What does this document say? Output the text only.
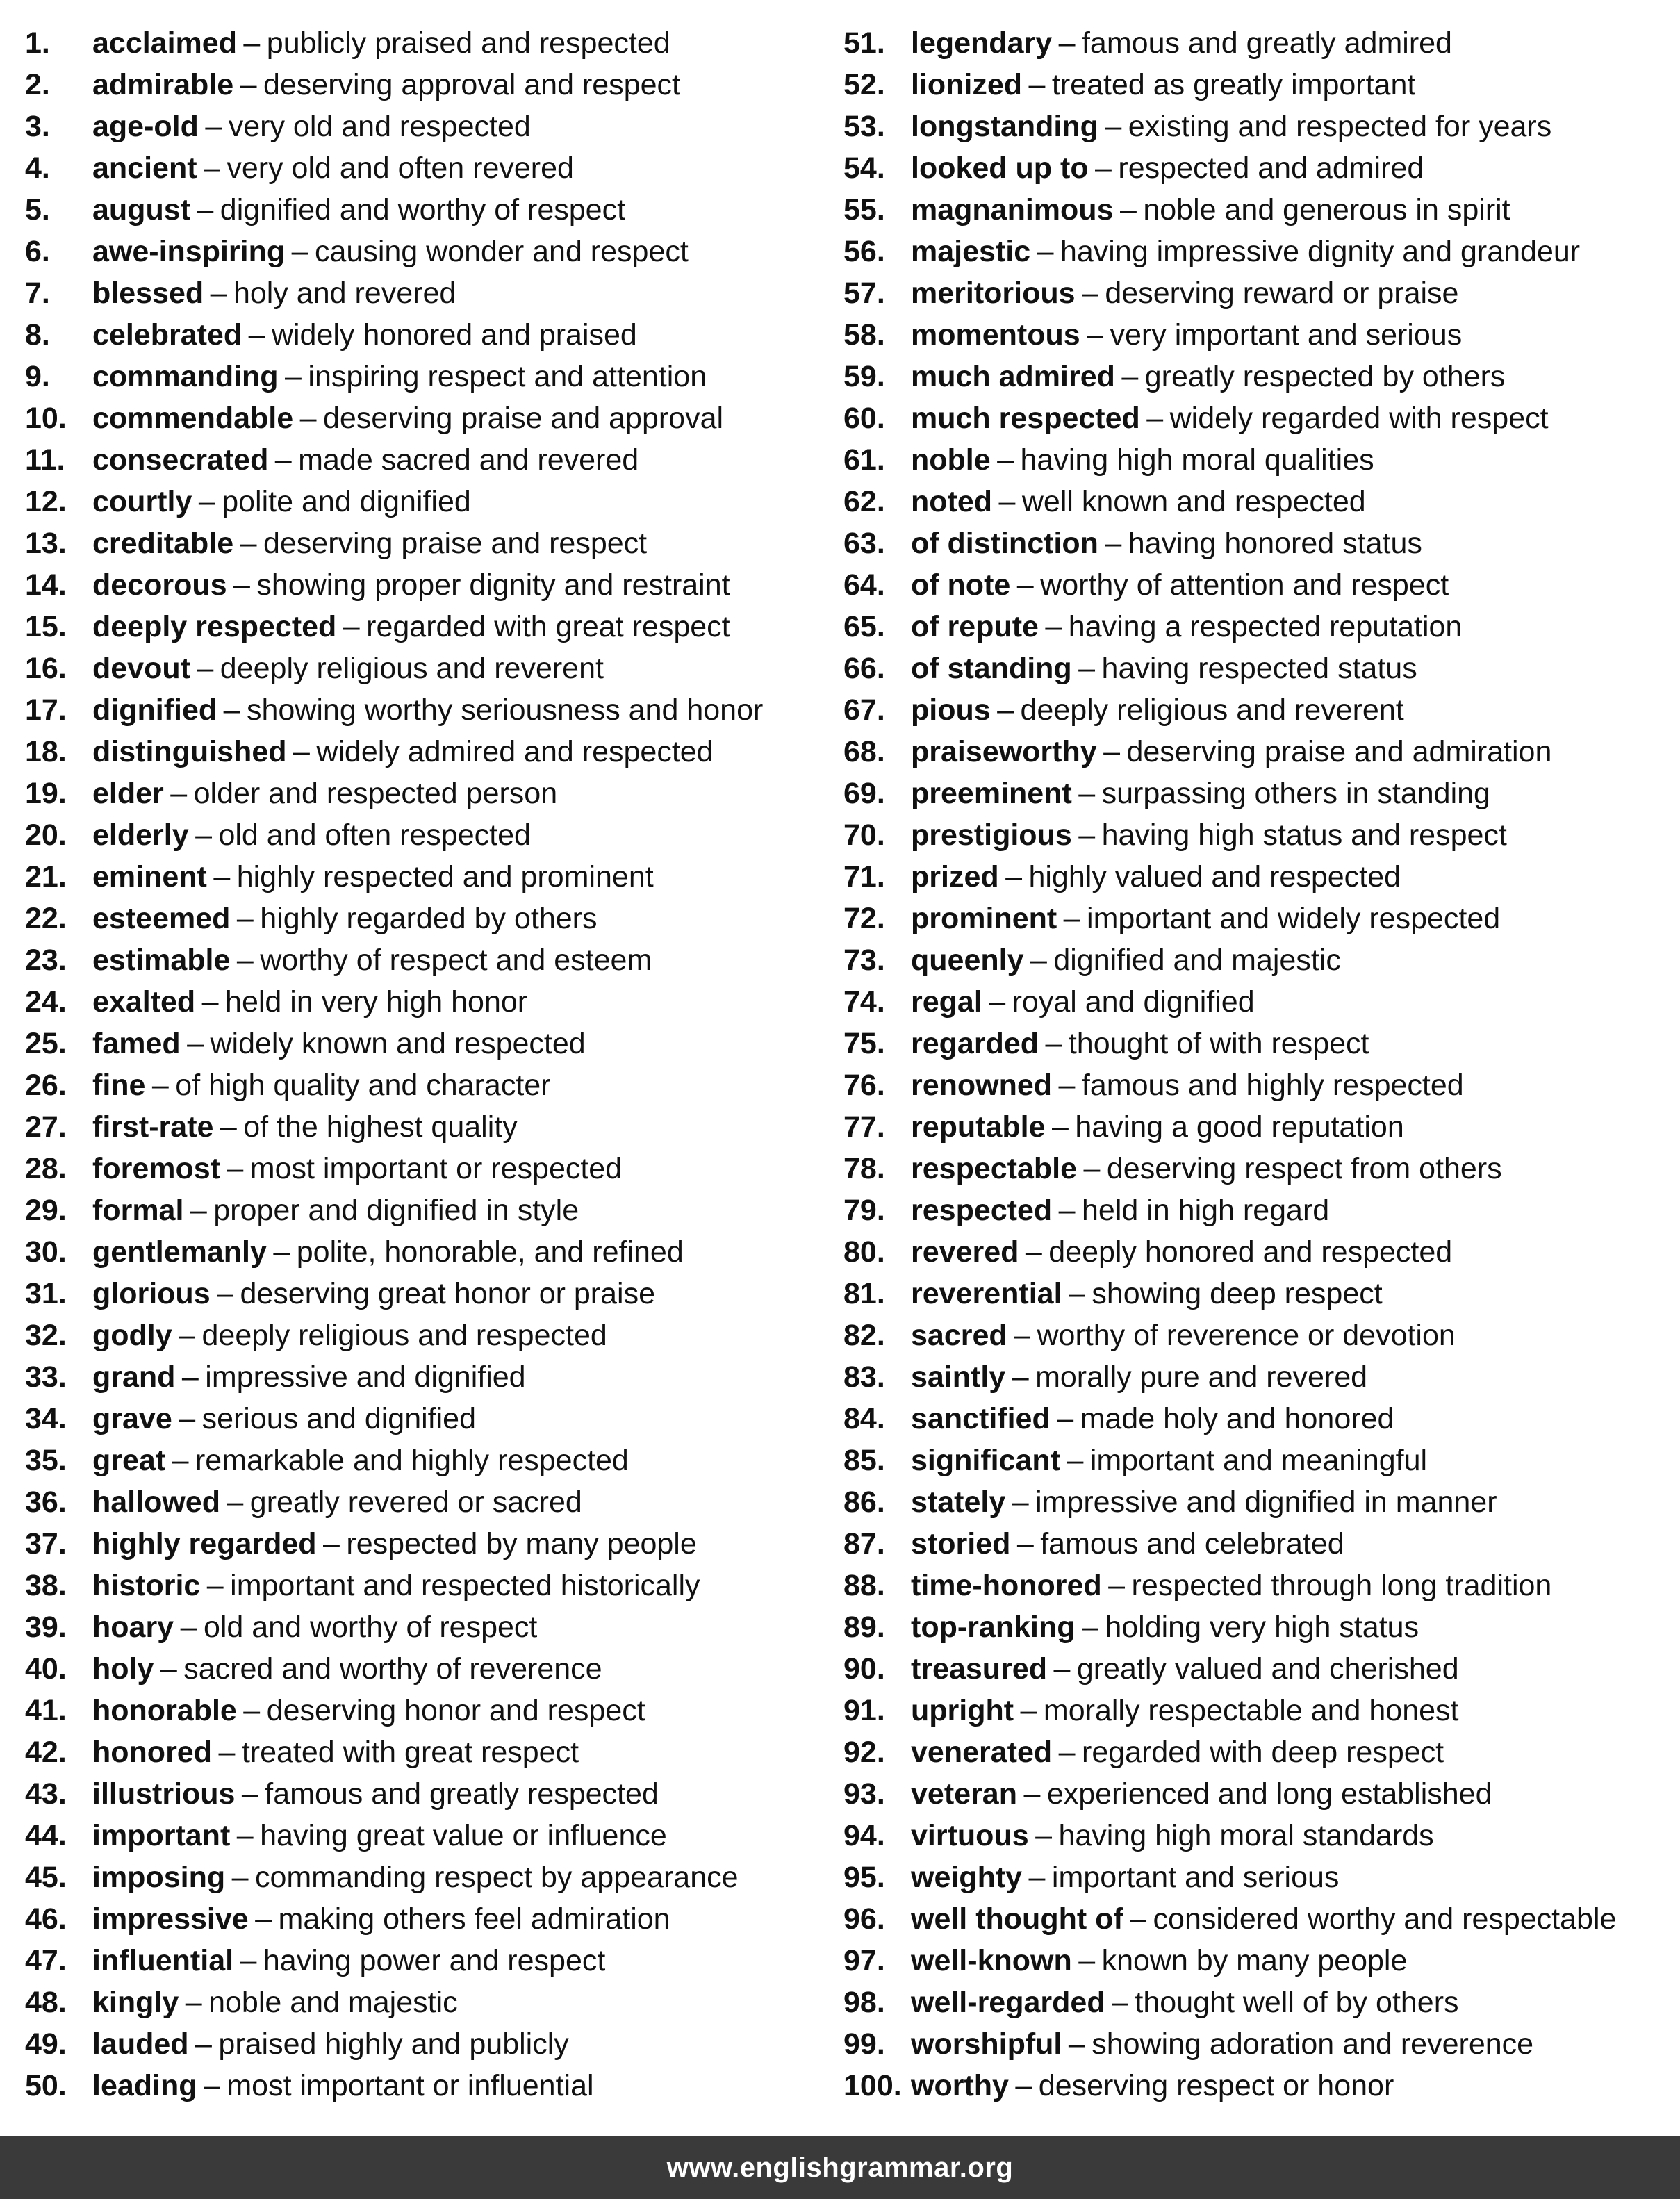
1.	acclaimed – publicly praised and respected
2.	admirable – deserving approval and respect
3.	age-old – very old and respected
4.	ancient – very old and often revered
5.	august – dignified and worthy of respect
6.	awe-inspiring – causing wonder and respect
7.	blessed – holy and revered
8.	celebrated – widely honored and praised
9.	commanding – inspiring respect and attention
10. commendable – deserving praise and approval
11. consecrated – made sacred and revered
12. courtly – polite and dignified
13. creditable – deserving praise and respect
14. decorous – showing proper dignity and restraint
15. deeply respected – regarded with great respect
16. devout – deeply religious and reverent
17. dignified – showing worthy seriousness and honor
18. distinguished – widely admired and respected
19. elder – older and respected person
20. elderly – old and often respected
21. eminent – highly respected and prominent
22. esteemed – highly regarded by others
23. estimable – worthy of respect and esteem
24. exalted – held in very high honor
25. famed – widely known and respected
26. fine – of high quality and character
27. first-rate – of the highest quality
28. foremost – most important or respected
29. formal – proper and dignified in style
30. gentlemanly – polite, honorable, and refined
31. glorious – deserving great honor or praise
32. godly – deeply religious and respected
33. grand – impressive and dignified
34. grave – serious and dignified
35. great – remarkable and highly respected
36. hallowed – greatly revered or sacred
37. highly regarded – respected by many people
38. historic – important and respected historically
39. hoary – old and worthy of respect
40. holy – sacred and worthy of reverence
41. honorable – deserving honor and respect
42. honored – treated with great respect
43. illustrious – famous and greatly respected
44. important – having great value or influence
45. imposing – commanding respect by appearance
46. impressive – making others feel admiration
47. influential – having power and respect
48. kingly – noble and majestic
49. lauded – praised highly and publicly
50. leading – most important or influential
51. legendary – famous and greatly admired
52. lionized – treated as greatly important
53. longstanding – existing and respected for years
54. looked up to – respected and admired
55. magnanimous – noble and generous in spirit
56. majestic – having impressive dignity and grandeur
57. meritorious – deserving reward or praise
58. momentous – very important and serious
59. much admired – greatly respected by others
60. much respected – widely regarded with respect
61. noble – having high moral qualities
62. noted – well known and respected
63. of distinction – having honored status
64. of note – worthy of attention and respect
65. of repute – having a respected reputation
66. of standing – having respected status
67. pious – deeply religious and reverent
68. praiseworthy – deserving praise and admiration
69. preeminent – surpassing others in standing
70. prestigious – having high status and respect
71. prized – highly valued and respected
72. prominent – important and widely respected
73. queenly – dignified and majestic
74. regal – royal and dignified
75. regarded – thought of with respect
76. renowned – famous and highly respected
77. reputable – having a good reputation
78. respectable – deserving respect from others
79. respected – held in high regard
80. revered – deeply honored and respected
81. reverential – showing deep respect
82. sacred – worthy of reverence or devotion
83. saintly – morally pure and revered
84. sanctified – made holy and honored
85. significant – important and meaningful
86. stately – impressive and dignified in manner
87. storied – famous and celebrated
88. time-honored – respected through long tradition
89. top-ranking – holding very high status
90. treasured – greatly valued and cherished
91. upright – morally respectable and honest
92. venerated – regarded with deep respect
93. veteran – experienced and long established
94. virtuous – having high moral standards
95. weighty – important and serious
96. well thought of – considered worthy and respectable
97. well-known – known by many people
98. well-regarded – thought well of by others
99. worshipful – showing adoration and reverence
100. worthy – deserving respect or honor
www.englishgrammar.org
